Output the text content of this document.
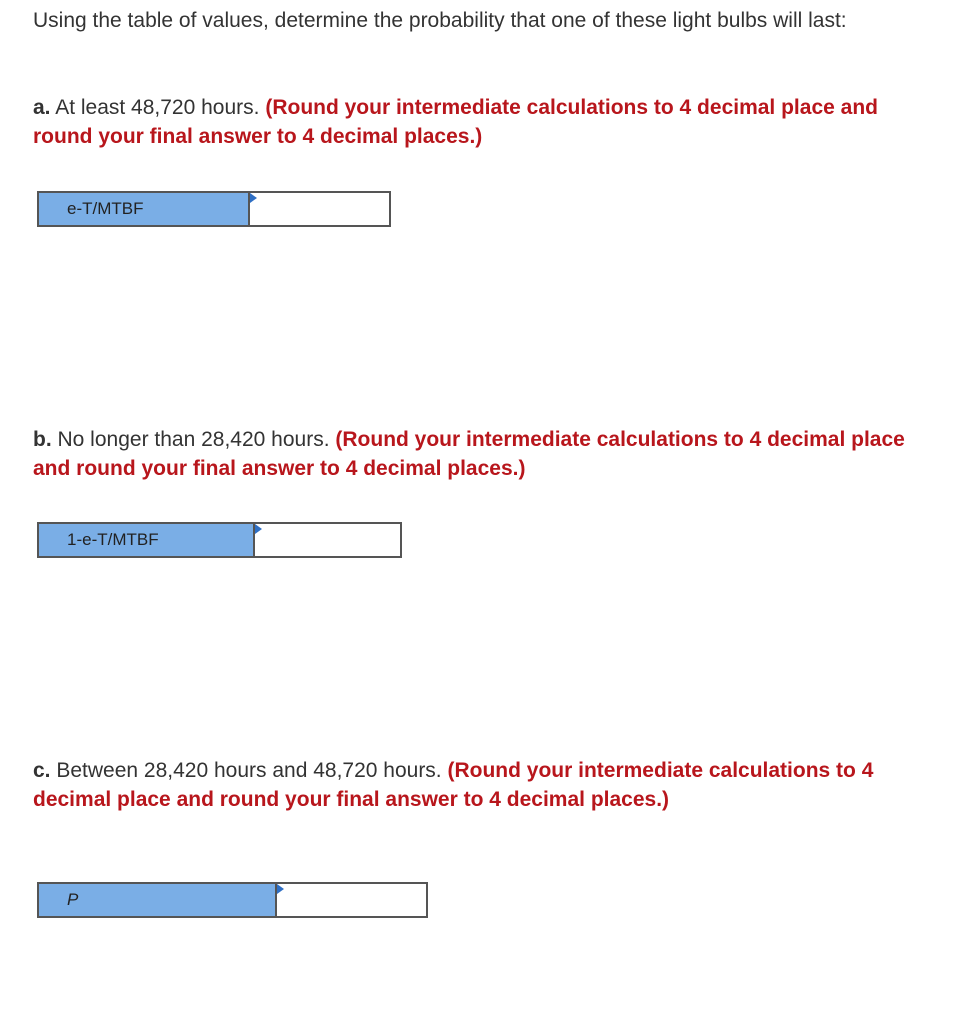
Using the table of values, determine the probability that one of these light bulbs will last:

a. At least 48,720 hours. (Round your intermediate calculations to 4 decimal place and round your final answer to 4 decimal places.)

e-T/MTBF

b. No longer than 28,420 hours. (Round your intermediate calculations to 4 decimal place and round your final answer to 4 decimal places.)

1-e-T/MTBF

c. Between 28,420 hours and 48,720 hours. (Round your intermediate calculations to 4 decimal place and round your final answer to 4 decimal places.)

P
